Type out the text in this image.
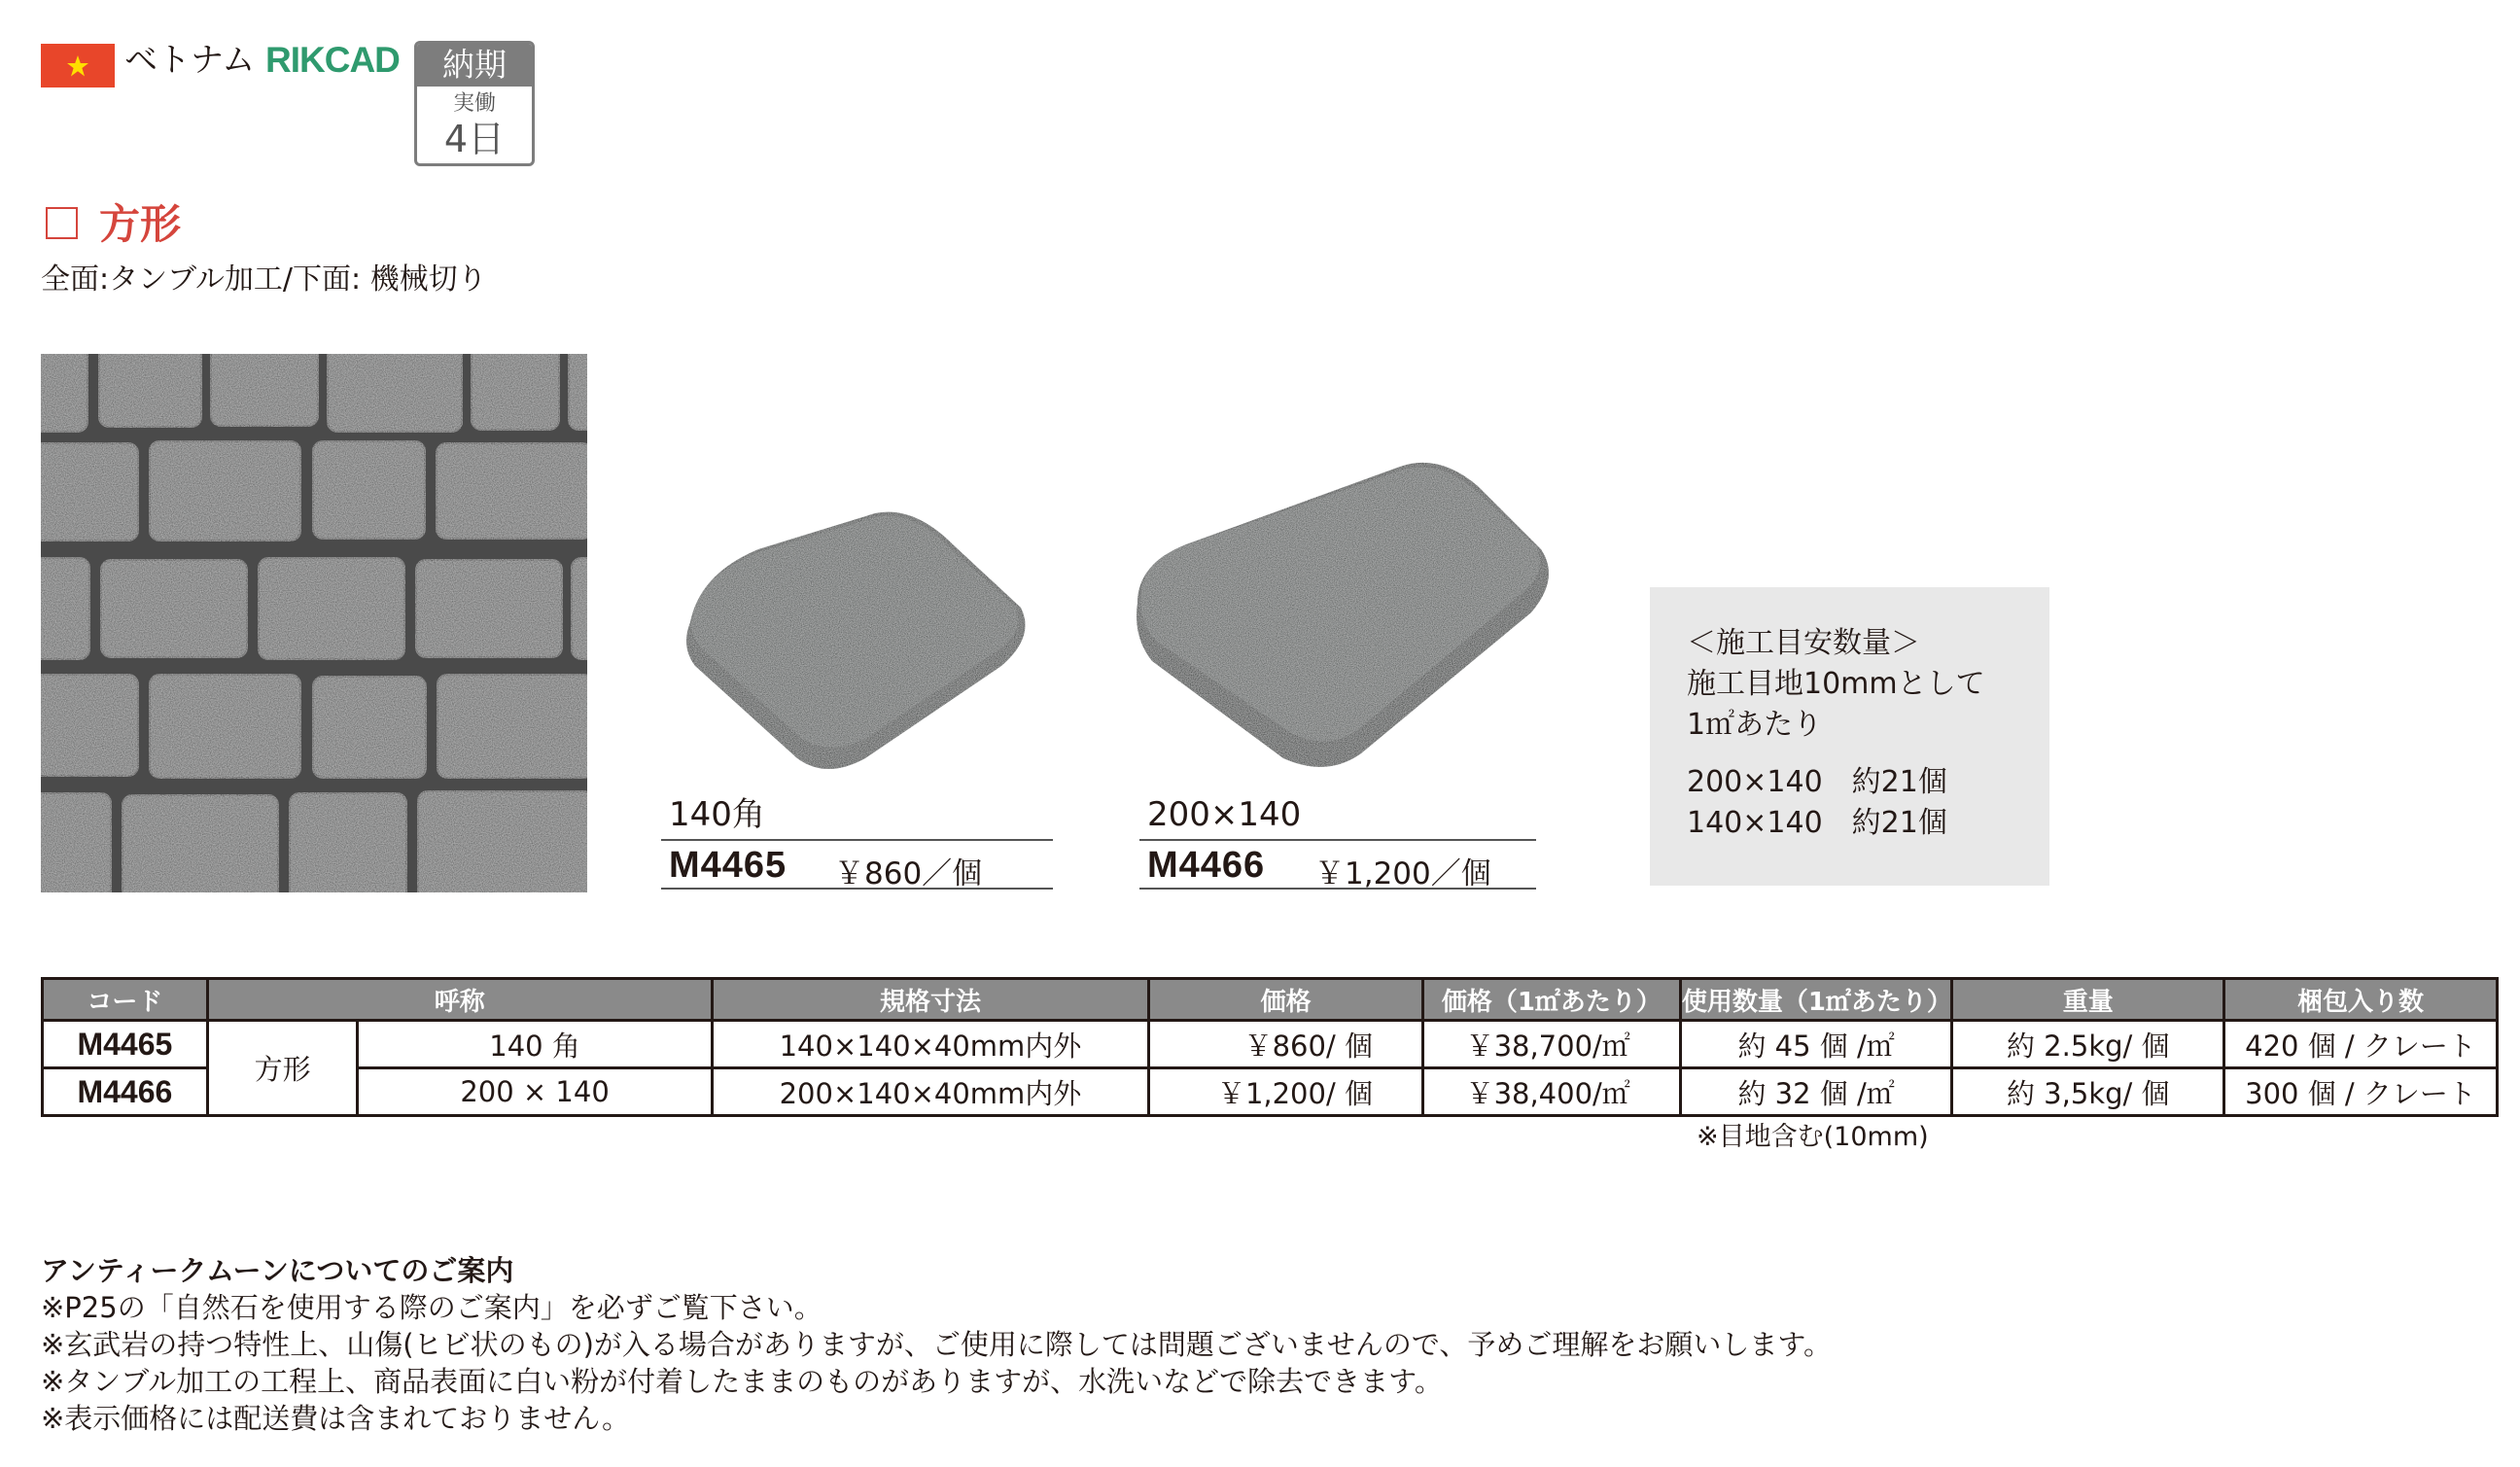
ベトナム RIKCAD	納期
実働
4日
方形
全面:タンブル加工/下面: 機械切り
140角
M4465 ￥860／個
200×140
M4466 ￥1,200／個
＜施工目安数量＞
施工目地10mmとして
1㎡あたり
200×140　約21個
140×140　約21個
コード	呼称		規格寸法	価格	価格（1㎡あたり）	使用数量（1㎡あたり）	重量	梱包入り数
M4465	方形	140 角	140×140×40mm内外	￥860/ 個	￥38,700/㎡	約 45 個 /㎡	約 2.5kg/ 個	420 個 / クレート
M4466		200 × 140	200×140×40mm内外	￥1,200/ 個	￥38,400/㎡	約 32 個 /㎡	約 3,5kg/ 個	300 個 / クレート
※目地含む(10mm)
アンティークムーンについてのご案内
※P25の「自然石を使用する際のご案内」を必ずご覧下さい。
※玄武岩の持つ特性上、山傷(ヒビ状のもの)が入る場合がありますが、ご使用に際しては問題ございませんので、予めご理解をお願いします。
※タンブル加工の工程上、商品表面に白い粉が付着したままのものがありますが、水洗いなどで除去できます。
※表示価格には配送費は含まれておりません。
